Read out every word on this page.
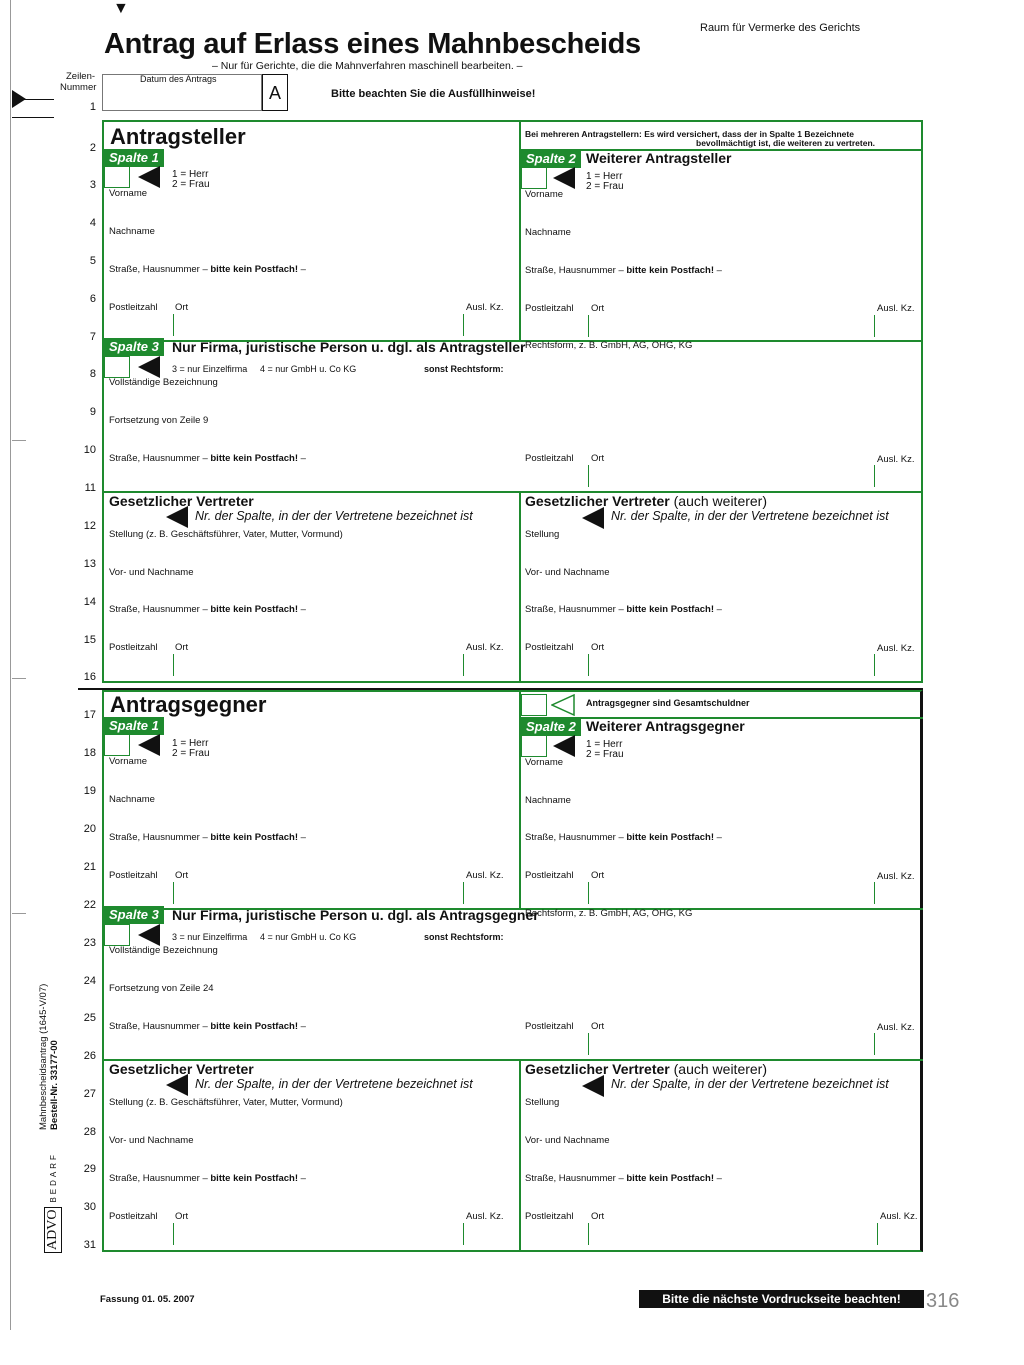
▼
Antrag auf Erlass eines Mahnbescheids
– Nur für Gerichte, die die Mahnverfahren maschinell bearbeiten. –
Raum für Vermerke des Gerichts
Zeilen-
Nummer
Datum des Antrags
A	Bitte beachten Sie die Ausfüllhinweise!
1
2
3
4
5
6
7
8
9
10
11
12
13
14
15
16
17
18
19
20
21
22
23
24
25
26
27
28
29
30
31
Antragsteller	Bei mehreren Antragstellern: Es wird versichert, dass der in Spalte 1 Bezeichnete
bevollmächtigt ist, die weiteren zu vertreten.
Spalte 1
1 = Herr
2 = Frau
Vorname
Nachname
Straße, Hausnummer – bitte kein Postfach! –
Postleitzahl Ort	Ausl. Kz.
Spalte 2 Weiterer Antragsteller
1 = Herr
2 = Frau
Vorname
Nachname
Straße, Hausnummer – bitte kein Postfach! –
Postleitzahl Ort	Ausl. Kz.
Spalte 3 Nur Firma, juristische Person u. dgl. als Antragsteller Rechtsform, z. B. GmbH, AG, OHG, KG
3 = nur Einzelfirma 4 = nur GmbH u. Co KG	sonst Rechtsform:
Vollständige Bezeichnung
Fortsetzung von Zeile 9
Straße, Hausnummer – bitte kein Postfach! –	Postleitzahl Ort	Ausl. Kz.
Gesetzlicher Vertreter
Nr. der Spalte, in der der Vertretene bezeichnet ist
Stellung (z. B. Geschäftsführer, Vater, Mutter, Vormund)
Vor- und Nachname
Straße, Hausnummer – bitte kein Postfach! –
Postleitzahl Ort	Ausl. Kz.
Gesetzlicher Vertreter (auch weiterer)
Nr. der Spalte, in der der Vertretene bezeichnet ist
Stellung
Vor- und Nachname
Straße, Hausnummer – bitte kein Postfach! –
Postleitzahl Ort	Ausl. Kz.
Antragsgegner	Antragsgegner sind Gesamtschuldner
Spalte 1
1 = Herr
2 = Frau
Vorname
Nachname
Straße, Hausnummer – bitte kein Postfach! –
Postleitzahl Ort	Ausl. Kz.
Spalte 2 Weiterer Antragsgegner
1 = Herr
2 = Frau
Vorname
Nachname
Straße, Hausnummer – bitte kein Postfach! –
Postleitzahl Ort	Ausl. Kz.
Spalte 3 Nur Firma, juristische Person u. dgl. als Antragsgegner
Rechtsform, z. B. GmbH, AG, OHG, KG
3 = nur Einzelfirma 4 = nur GmbH u. Co KG	sonst Rechtsform:
Vollständige Bezeichnung
Fortsetzung von Zeile 24
Straße, Hausnummer – bitte kein Postfach! –	Postleitzahl Ort	Ausl. Kz.
Gesetzlicher Vertreter
Nr. der Spalte, in der der Vertretene bezeichnet ist
Stellung (z. B. Geschäftsführer, Vater, Mutter, Vormund)
Vor- und Nachname
Straße, Hausnummer – bitte kein Postfach! –
Postleitzahl Ort	Ausl. Kz.
Gesetzlicher Vertreter (auch weiterer)
Nr. der Spalte, in der der Vertretene bezeichnet ist
Stellung
Vor- und Nachname
Straße, Hausnummer – bitte kein Postfach! –
Postleitzahl Ort	Ausl. Kz.
Mahnbescheidsantrag (1645-V/07) Bestell-Nr. 33177-00
ADVO
BEDARF
Fassung 01. 05. 2007	Bitte die nächste Vordruckseite beachten!	316
